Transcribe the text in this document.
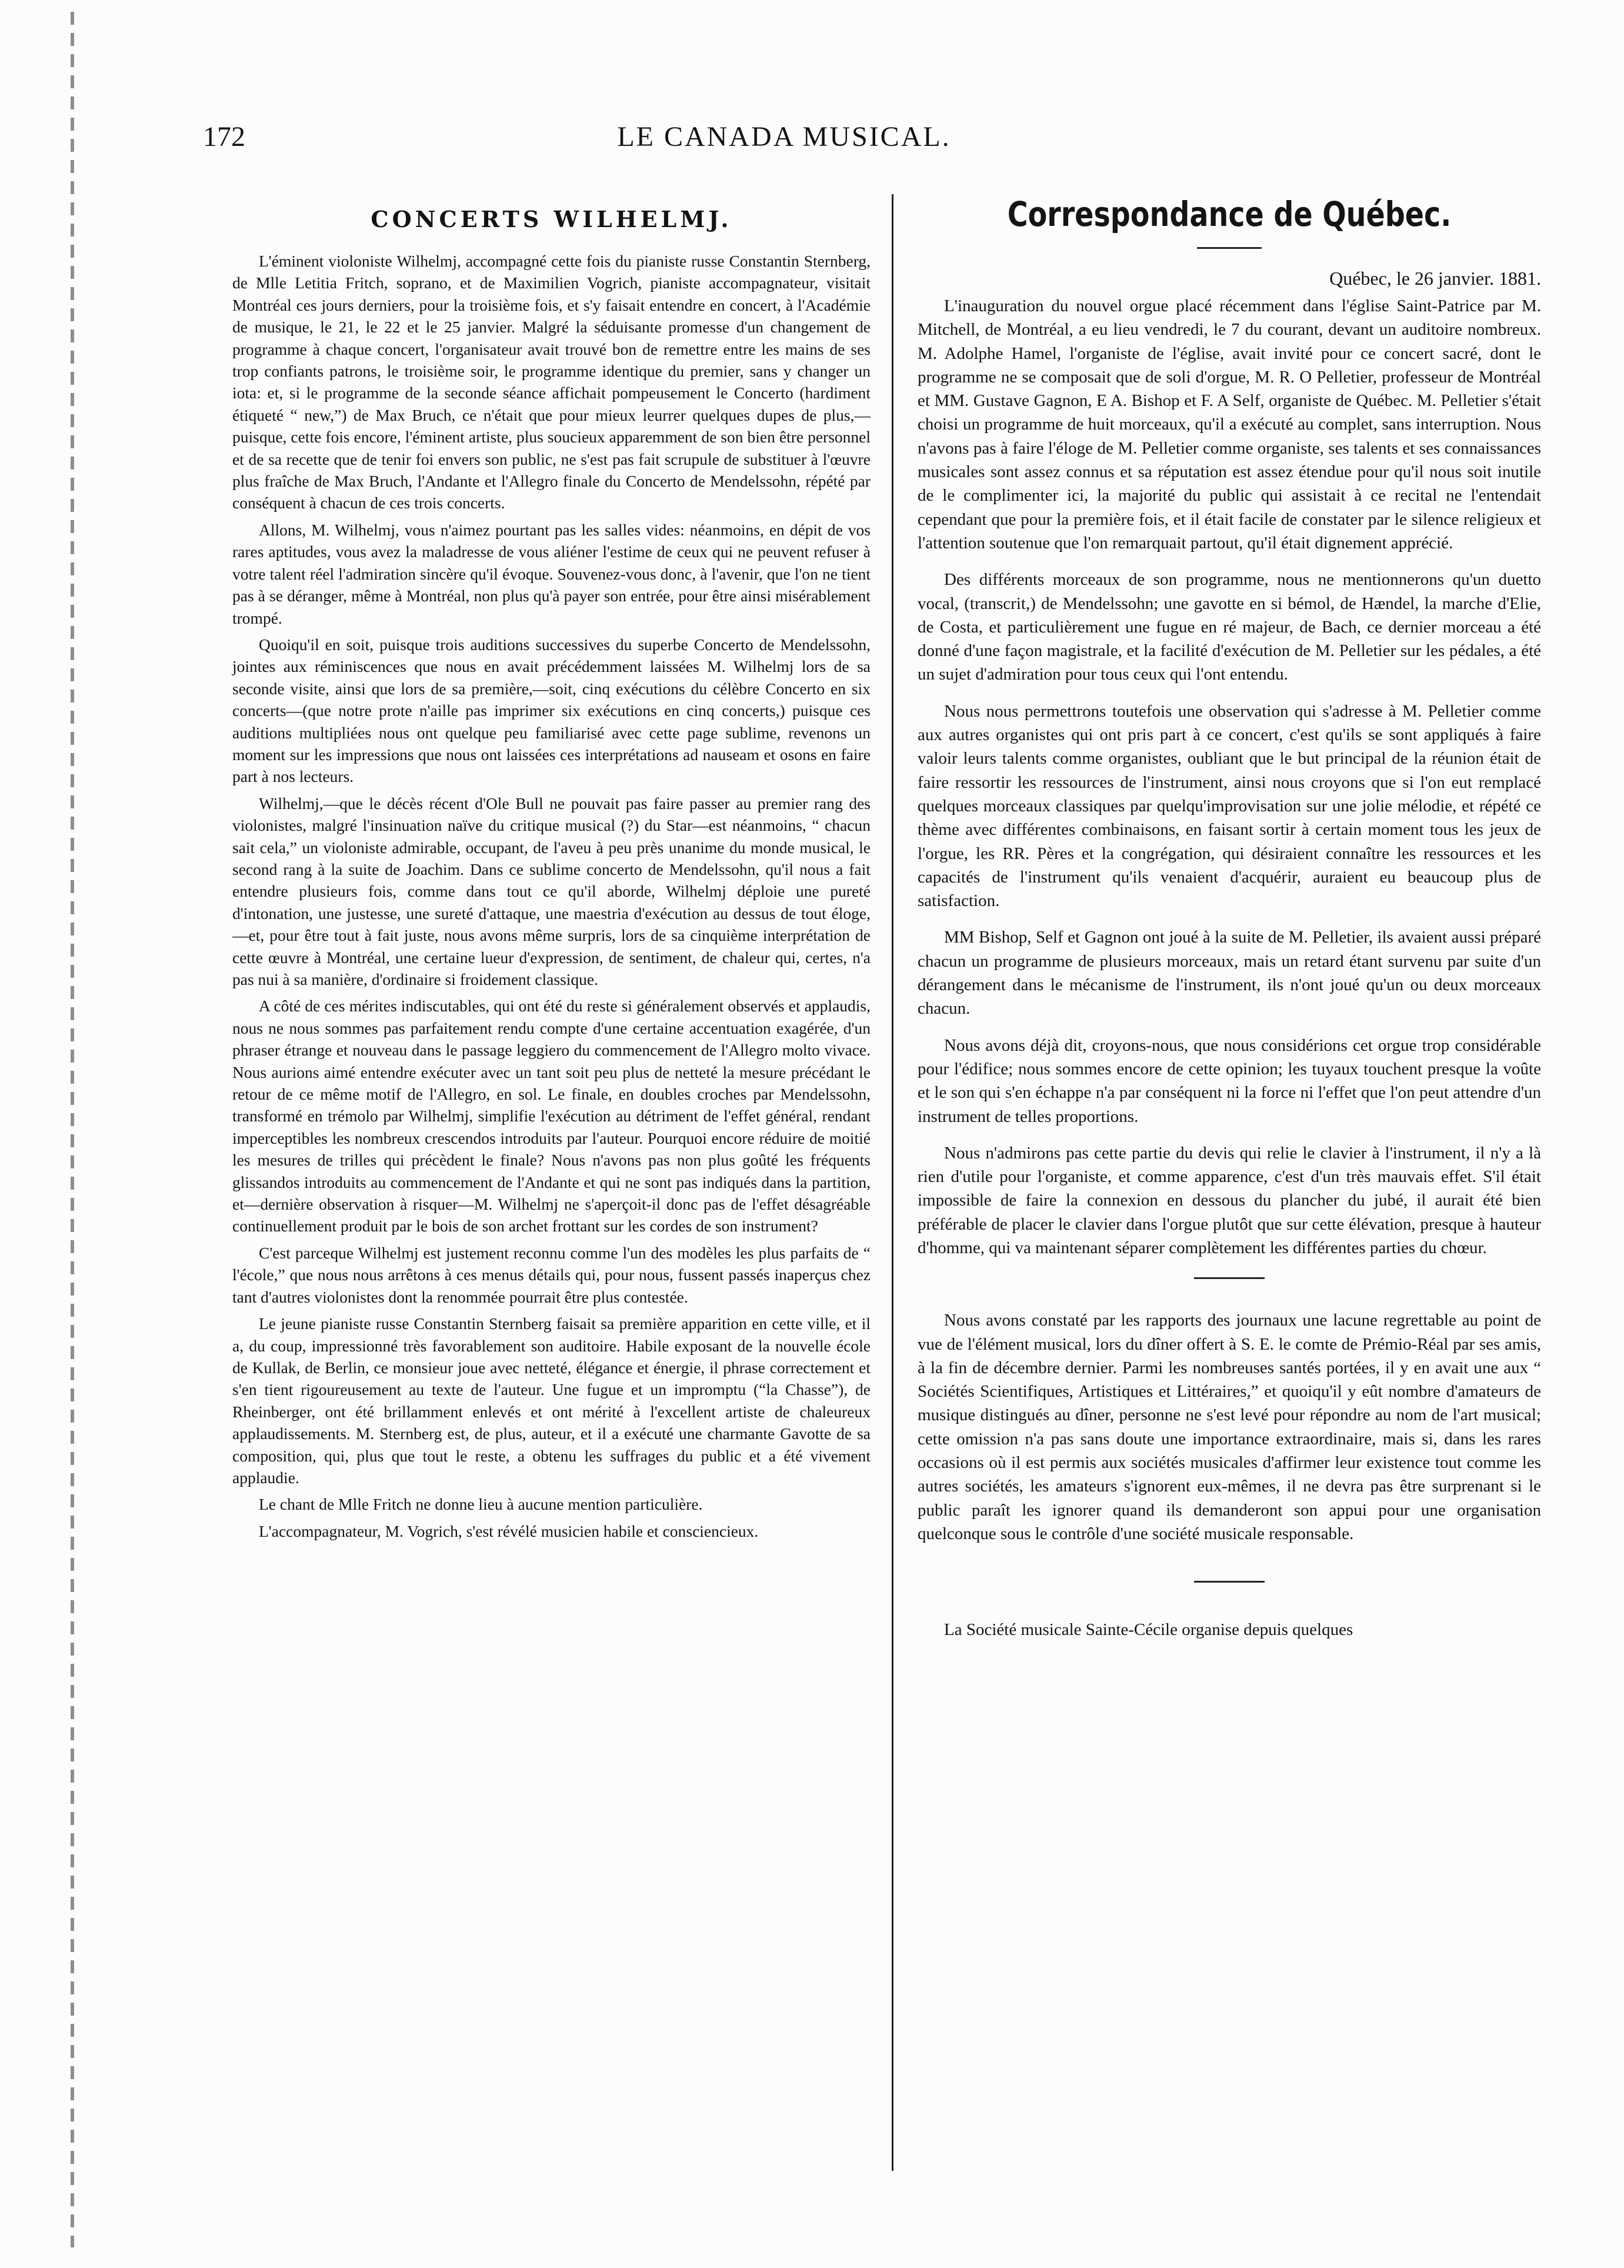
172	LE CANADA MUSICAL.
CONCERTS WILHELMJ.

L'éminent violoniste Wilhelmj, accompagné cette fois du pianiste russe Constantin Sternberg, de Mlle Letitia Fritch, soprano, et de Maximilien Vogrich, pianiste accompagnateur, visitait Montréal ces jours derniers, pour la troisième fois, et s'y faisait entendre en concert, à l'Académie de musique, le 21, le 22 et le 25 janvier. Malgré la séduisante promesse d'un changement de programme à chaque concert, l'organisateur avait trouvé bon de remettre entre les mains de ses trop confiants patrons, le troisième soir, le programme identique du premier, sans y changer un iota: et, si le programme de la seconde séance affichait pompeusement le Concerto (hardiment étiqueté “ new,”) de Max Bruch, ce n'était que pour mieux leurrer quelques dupes de plus,—puisque, cette fois encore, l'éminent artiste, plus soucieux apparemment de son bien être personnel et de sa recette que de tenir foi envers son public, ne s'est pas fait scrupule de substituer à l'œuvre plus fraîche de Max Bruch, l'Andante et l'Allegro finale du Concerto de Mendelssohn, répété par conséquent à chacun de ces trois concerts.

Allons, M. Wilhelmj, vous n'aimez pourtant pas les salles vides: néanmoins, en dépit de vos rares aptitudes, vous avez la maladresse de vous aliéner l'estime de ceux qui ne peuvent refuser à votre talent réel l'admiration sincère qu'il évoque. Souvenez-vous donc, à l'avenir, que l'on ne tient pas à se déranger, même à Montréal, non plus qu'à payer son entrée, pour être ainsi misérablement trompé.

Quoiqu'il en soit, puisque trois auditions successives du superbe Concerto de Mendelssohn, jointes aux réminiscences que nous en avait précédemment laissées M. Wilhelmj lors de sa seconde visite, ainsi que lors de sa première,—soit, cinq exécutions du célèbre Concerto en six concerts—(que notre prote n'aille pas imprimer six exécutions en cinq concerts,) puisque ces auditions multipliées nous ont quelque peu familiarisé avec cette page sublime, revenons un moment sur les impressions que nous ont laissées ces interprétations ad nauseam et osons en faire part à nos lecteurs.

Wilhelmj,—que le décès récent d'Ole Bull ne pouvait pas faire passer au premier rang des violonistes, malgré l'insinuation naïve du critique musical (?) du Star—est néanmoins, “ chacun sait cela,” un violoniste admirable, occupant, de l'aveu à peu près unanime du monde musical, le second rang à la suite de Joachim. Dans ce sublime concerto de Mendelssohn, qu'il nous a fait entendre plusieurs fois, comme dans tout ce qu'il aborde, Wilhelmj déploie une pureté d'intonation, une justesse, une sureté d'attaque, une maestria d'exécution au dessus de tout éloge,—et, pour être tout à fait juste, nous avons même surpris, lors de sa cinquième interprétation de cette œuvre à Montréal, une certaine lueur d'expression, de sentiment, de chaleur qui, certes, n'a pas nui à sa manière, d'ordinaire si froidement classique.

A côté de ces mérites indiscutables, qui ont été du reste si généralement observés et applaudis, nous ne nous sommes pas parfaitement rendu compte d'une certaine accentuation exagérée, d'un phraser étrange et nouveau dans le passage leggiero du commencement de l'Allegro molto vivace. Nous aurions aimé entendre exécuter avec un tant soit peu plus de netteté la mesure précédant le retour de ce même motif de l'Allegro, en sol. Le finale, en doubles croches par Mendelssohn, transformé en trémolo par Wilhelmj, simplifie l'exécution au détriment de l'effet général, rendant imperceptibles les nombreux crescendos introduits par l'auteur. Pourquoi encore réduire de moitié les mesures de trilles qui précèdent le finale? Nous n'avons pas non plus goûté les fréquents glissandos introduits au commencement de l'Andante et qui ne sont pas indiqués dans la partition, et—dernière observation à risquer—M. Wilhelmj ne s'aperçoit-il donc pas de l'effet désagréable continuellement produit par le bois de son archet frottant sur les cordes de son instrument?

C'est parceque Wilhelmj est justement reconnu comme l'un des modèles les plus parfaits de “ l'école,” que nous nous arrêtons à ces menus détails qui, pour nous, fussent passés inaperçus chez tant d'autres violonistes dont la renommée pourrait être plus contestée.

Le jeune pianiste russe Constantin Sternberg faisait sa première apparition en cette ville, et il a, du coup, impressionné très favorablement son auditoire. Habile exposant de la nouvelle école de Kullak, de Berlin, ce monsieur joue avec netteté, élégance et énergie, il phrase correctement et s'en tient rigoureusement au texte de l'auteur. Une fugue et un impromptu (“la Chasse”), de Rheinberger, ont été brillamment enlevés et ont mérité à l'excellent artiste de chaleureux applaudissements. M. Sternberg est, de plus, auteur, et il a exécuté une charmante Gavotte de sa composition, qui, plus que tout le reste, a obtenu les suffrages du public et a été vivement applaudie.

Le chant de Mlle Fritch ne donne lieu à aucune mention particulière.

L'accompagnateur, M. Vogrich, s'est révélé musicien habile et consciencieux.

Correspondance de Québec.
Québec, le 26 janvier. 1881.

L'inauguration du nouvel orgue placé récemment dans l'église Saint-Patrice par M. Mitchell, de Montréal, a eu lieu vendredi, le 7 du courant, devant un auditoire nombreux. M. Adolphe Hamel, l'organiste de l'église, avait invité pour ce concert sacré, dont le programme ne se composait que de soli d'orgue, M. R. O Pelletier, professeur de Montréal et MM. Gustave Gagnon, E A. Bishop et F. A Self, organiste de Québec. M. Pelletier s'était choisi un programme de huit morceaux, qu'il a exécuté au complet, sans interruption. Nous n'avons pas à faire l'éloge de M. Pelletier comme organiste, ses talents et ses connaissances musicales sont assez connus et sa réputation est assez étendue pour qu'il nous soit inutile de le complimenter ici, la majorité du public qui assistait à ce recital ne l'entendait cependant que pour la première fois, et il était facile de constater par le silence religieux et l'attention soutenue que l'on remarquait partout, qu'il était dignement apprécié.

Des différents morceaux de son programme, nous ne mentionnerons qu'un duetto vocal, (transcrit,) de Mendelssohn; une gavotte en si bémol, de Hændel, la marche d'Elie, de Costa, et particulièrement une fugue en ré majeur, de Bach, ce dernier morceau a été donné d'une façon magistrale, et la facilité d'exécution de M. Pelletier sur les pédales, a été un sujet d'admiration pour tous ceux qui l'ont entendu.

Nous nous permettrons toutefois une observation qui s'adresse à M. Pelletier comme aux autres organistes qui ont pris part à ce concert, c'est qu'ils se sont appliqués à faire valoir leurs talents comme organistes, oubliant que le but principal de la réunion était de faire ressortir les ressources de l'instrument, ainsi nous croyons que si l'on eut remplacé quelques morceaux classiques par quelqu'improvisation sur une jolie mélodie, et répété ce thème avec différentes combinaisons, en faisant sortir à certain moment tous les jeux de l'orgue, les RR. Pères et la congrégation, qui désiraient connaître les ressources et les capacités de l'instrument qu'ils venaient d'acquérir, auraient eu beaucoup plus de satisfaction.

MM Bishop, Self et Gagnon ont joué à la suite de M. Pelletier, ils avaient aussi préparé chacun un programme de plusieurs morceaux, mais un retard étant survenu par suite d'un dérangement dans le mécanisme de l'instrument, ils n'ont joué qu'un ou deux morceaux chacun.

Nous avons déjà dit, croyons-nous, que nous considérions cet orgue trop considérable pour l'édifice; nous sommes encore de cette opinion; les tuyaux touchent presque la voûte et le son qui s'en échappe n'a par conséquent ni la force ni l'effet que l'on peut attendre d'un instrument de telles proportions.

Nous n'admirons pas cette partie du devis qui relie le clavier à l'instrument, il n'y a là rien d'utile pour l'organiste, et comme apparence, c'est d'un très mauvais effet. S'il était impossible de faire la connexion en dessous du plancher du jubé, il aurait été bien préférable de placer le clavier dans l'orgue plutôt que sur cette élévation, presque à hauteur d'homme, qui va maintenant séparer complètement les différentes parties du chœur.

Nous avons constaté par les rapports des journaux une lacune regrettable au point de vue de l'élément musical, lors du dîner offert à S. E. le comte de Prémio-Réal par ses amis, à la fin de décembre dernier. Parmi les nombreuses santés portées, il y en avait une aux “ Sociétés Scientifiques, Artistiques et Littéraires,” et quoiqu'il y eût nombre d'amateurs de musique distingués au dîner, personne ne s'est levé pour répondre au nom de l'art musical; cette omission n'a pas sans doute une importance extraordinaire, mais si, dans les rares occasions où il est permis aux sociétés musicales d'affirmer leur existence tout comme les autres sociétés, les amateurs s'ignorent eux-mêmes, il ne devra pas être surprenant si le public paraît les ignorer quand ils demanderont son appui pour une organisation quelconque sous le contrôle d'une société musicale responsable.

La Société musicale Sainte-Cécile organise depuis quelques
